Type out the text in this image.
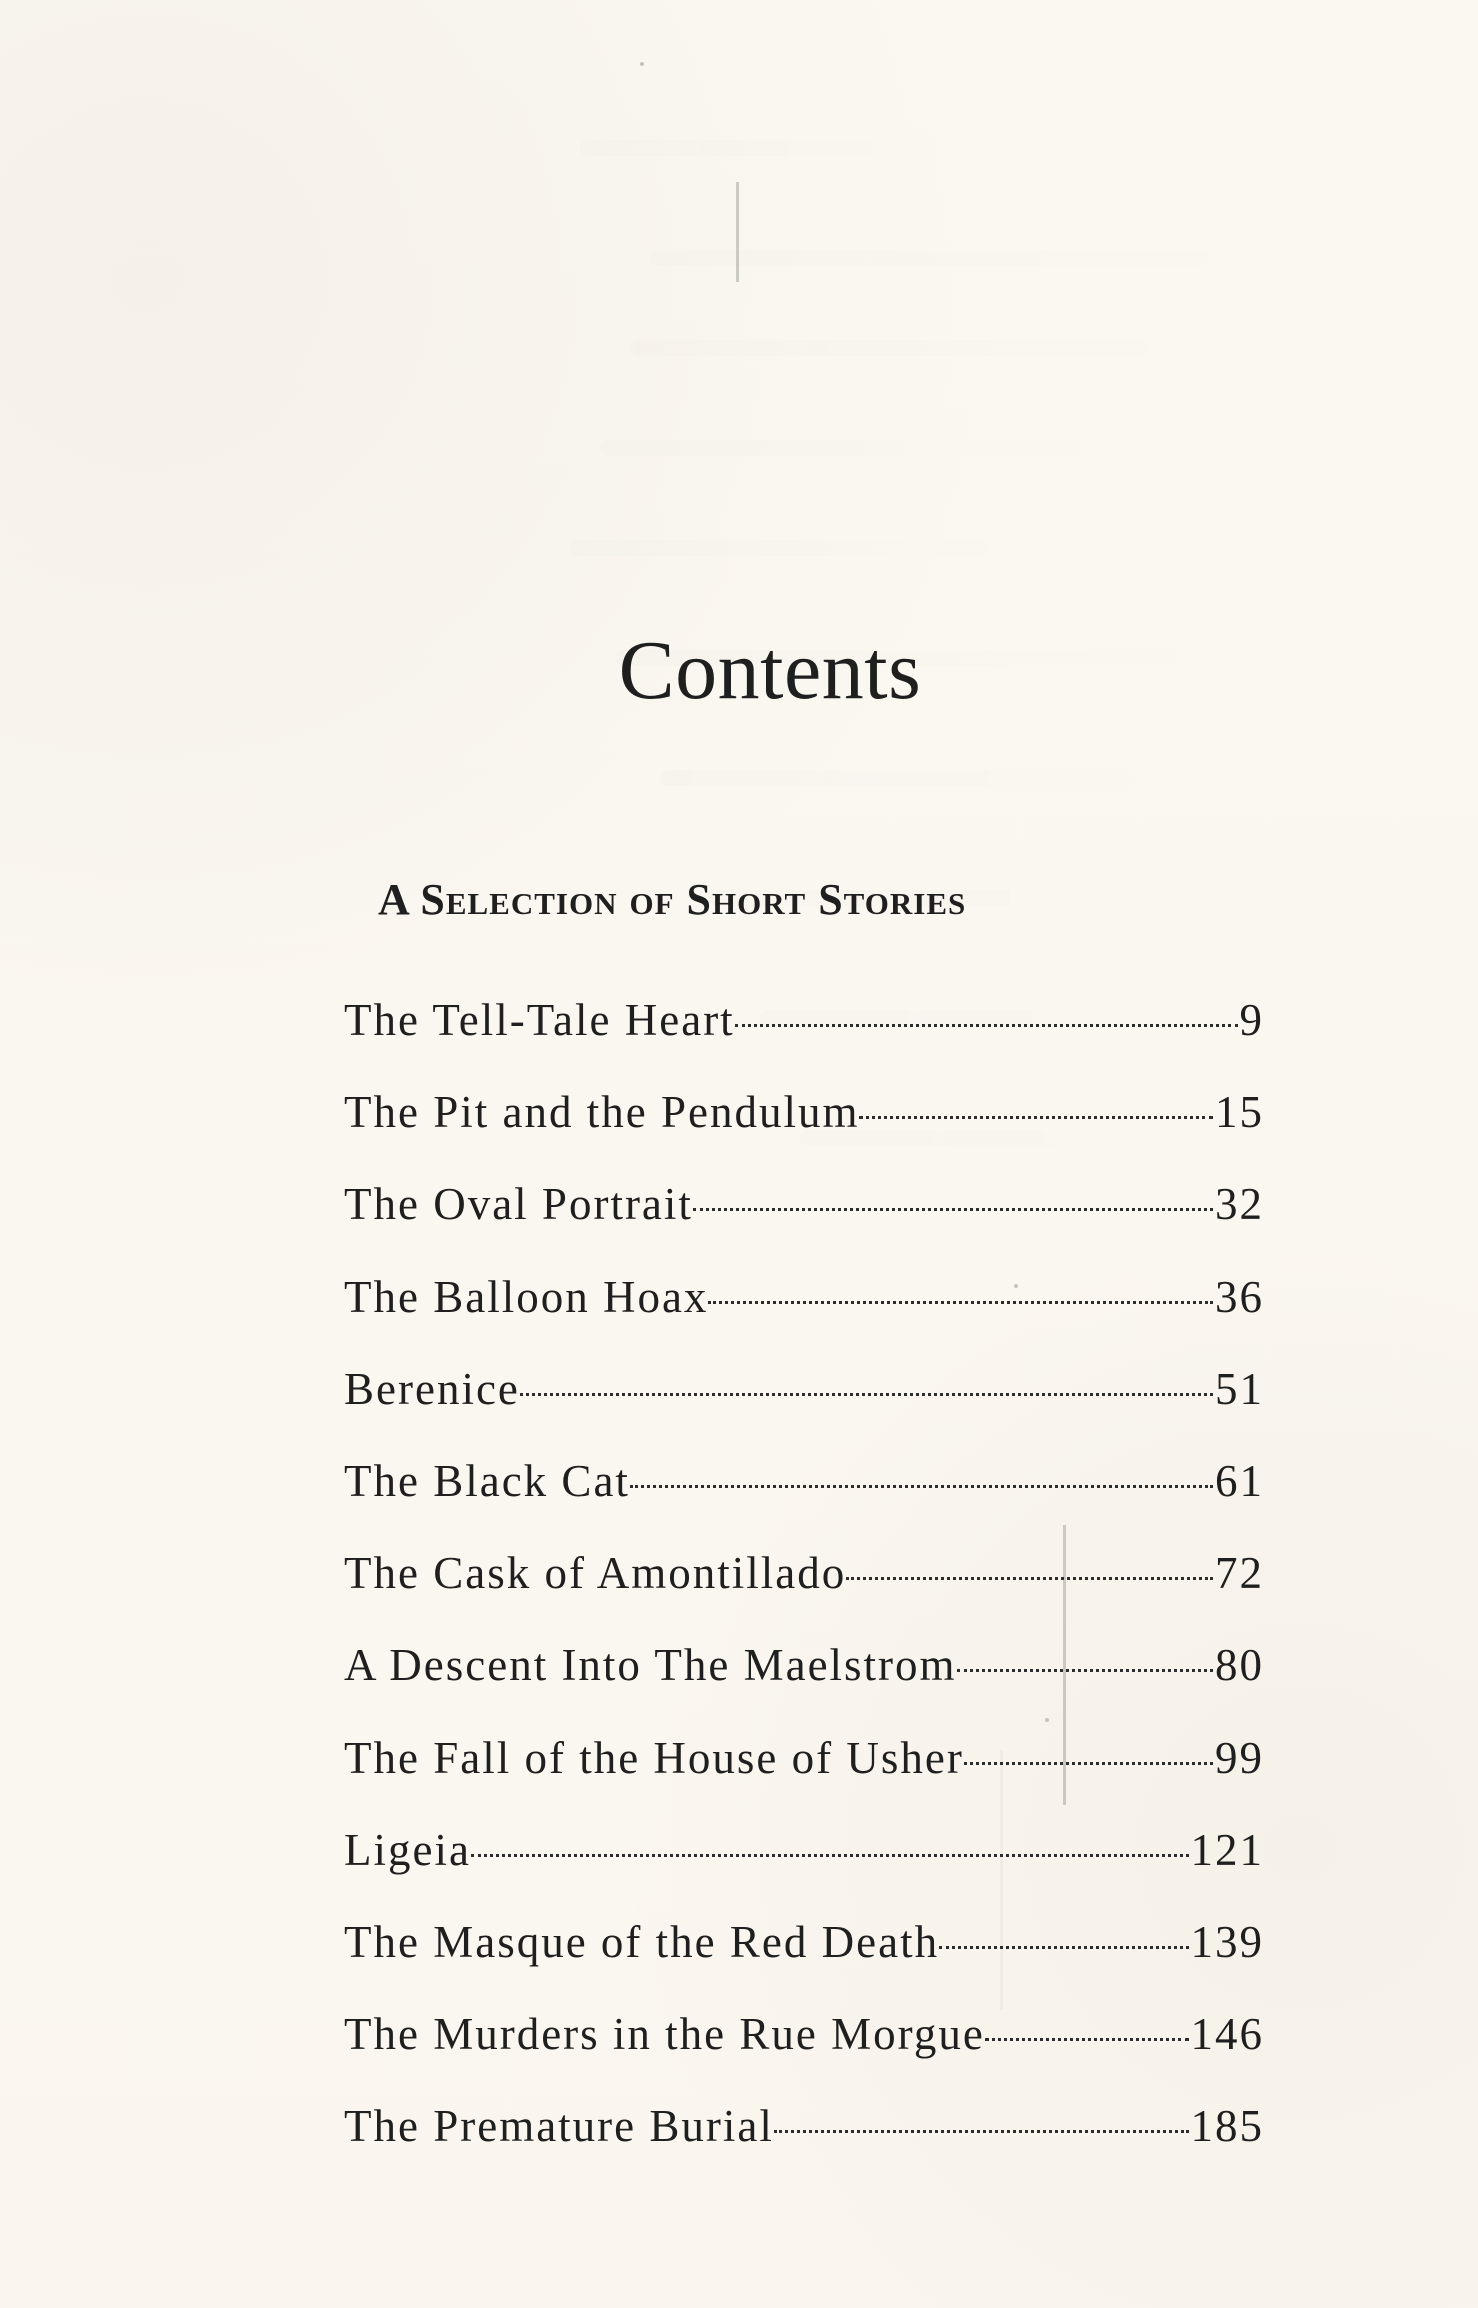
Contents
A Selection of Short Stories
The Tell-Tale Heart	9
The Pit and the Pendulum	15
The Oval Portrait	32
The Balloon Hoax	36
Berenice	51
The Black Cat	61
The Cask of Amontillado	72
A Descent Into The Maelstrom	80
The Fall of the House of Usher	99
Ligeia	121
The Masque of the Red Death	139
The Murders in the Rue Morgue	146
The Premature Burial	185
